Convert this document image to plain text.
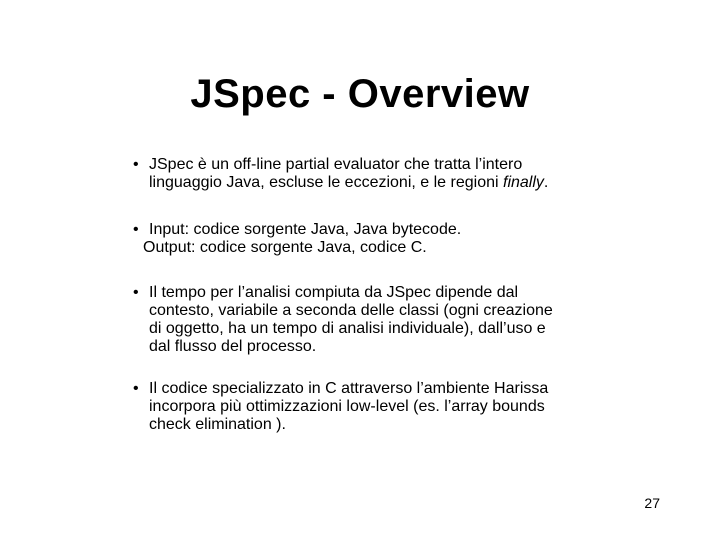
JSpec - Overview
• JSpec è un off-line partial evaluator che tratta l’intero
linguaggio Java, escluse le eccezioni, e le regioni finally.
• Input: codice sorgente Java, Java bytecode.
Output: codice sorgente Java, codice C.
• Il tempo per l’analisi compiuta da JSpec dipende dal
contesto, variabile a seconda delle classi (ogni creazione
di oggetto, ha un tempo di analisi individuale), dall’uso e
dal flusso del processo.
• Il codice specializzato in C attraverso l’ambiente Harissa
incorpora più ottimizzazioni low-level (es. l’array bounds
check elimination ).
27
